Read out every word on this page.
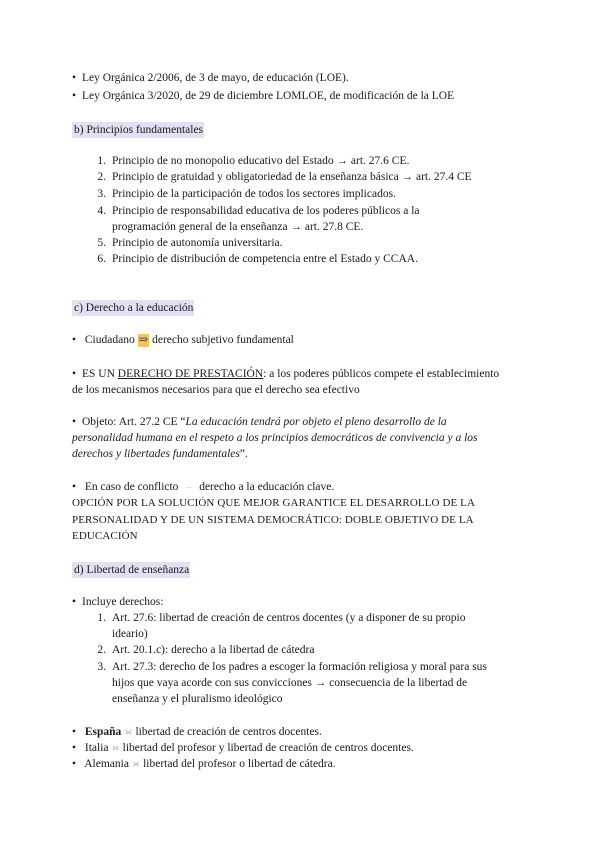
• Ley Orgánica 2/2006, de 3 de mayo, de educación (LOE).
• Ley Orgánica 3/2020, de 29 de diciembre LOMLOE, de modificación de la LOE
b) Principios fundamentales
1. Principio de no monopolio educativo del Estado → art. 27.6 CE.
2. Principio de gratuidad y obligatoriedad de la enseñanza básica → art. 27.4 CE
3. Principio de la participación de todos los sectores implicados.
4. Principio de responsabilidad educativa de los poderes públicos a la
programación general de la enseñanza → art. 27.8 CE.
5. Principio de autonomía universitaria.
6. Principio de distribución de competencia entre el Estado y CCAA.
c) Derecho a la educación
• Ciudadano ⇒ derecho subjetivo fundamental
• ES UN DERECHO DE PRESTACIÓN: a los poderes públicos compete el establecimiento
de los mecanismos necesarios para que el derecho sea efectivo
• Objeto: Art. 27.2 CE “La educación tendrá por objeto el pleno desarrollo de la
personalidad humana en el respeto a los principios democráticos de convivencia y a los
derechos y libertades fundamentales”.
• En caso de conflicto → derecho a la educación clave.
OPCIÓN POR LA SOLUCIÓN QUE MEJOR GARANTICE EL DESARROLLO DE LA
PERSONALIDAD Y DE UN SISTEMA DEMOCRÁTICO: DOBLE OBJETIVO DE LA
EDUCACIÓN
d) Libertad de enseñanza
• Incluye derechos:
1. Art. 27.6: libertad de creación de centros docentes (y a disponer de su propio
ideario)
2. Art. 20.1.c): derecho a la libertad de cátedra
3. Art. 27.3: derecho de los padres a escoger la formación religiosa y moral para sus
hijos que vaya acorde con sus convicciones → consecuencia de la libertad de
enseñanza y el pluralismo ideológico
• España ⟗ libertad de creación de centros docentes.
• Italia ⟗ libertad del profesor y libertad de creación de centros docentes.
• Alemania ⟗ libertad del profesor o libertad de cátedra.
